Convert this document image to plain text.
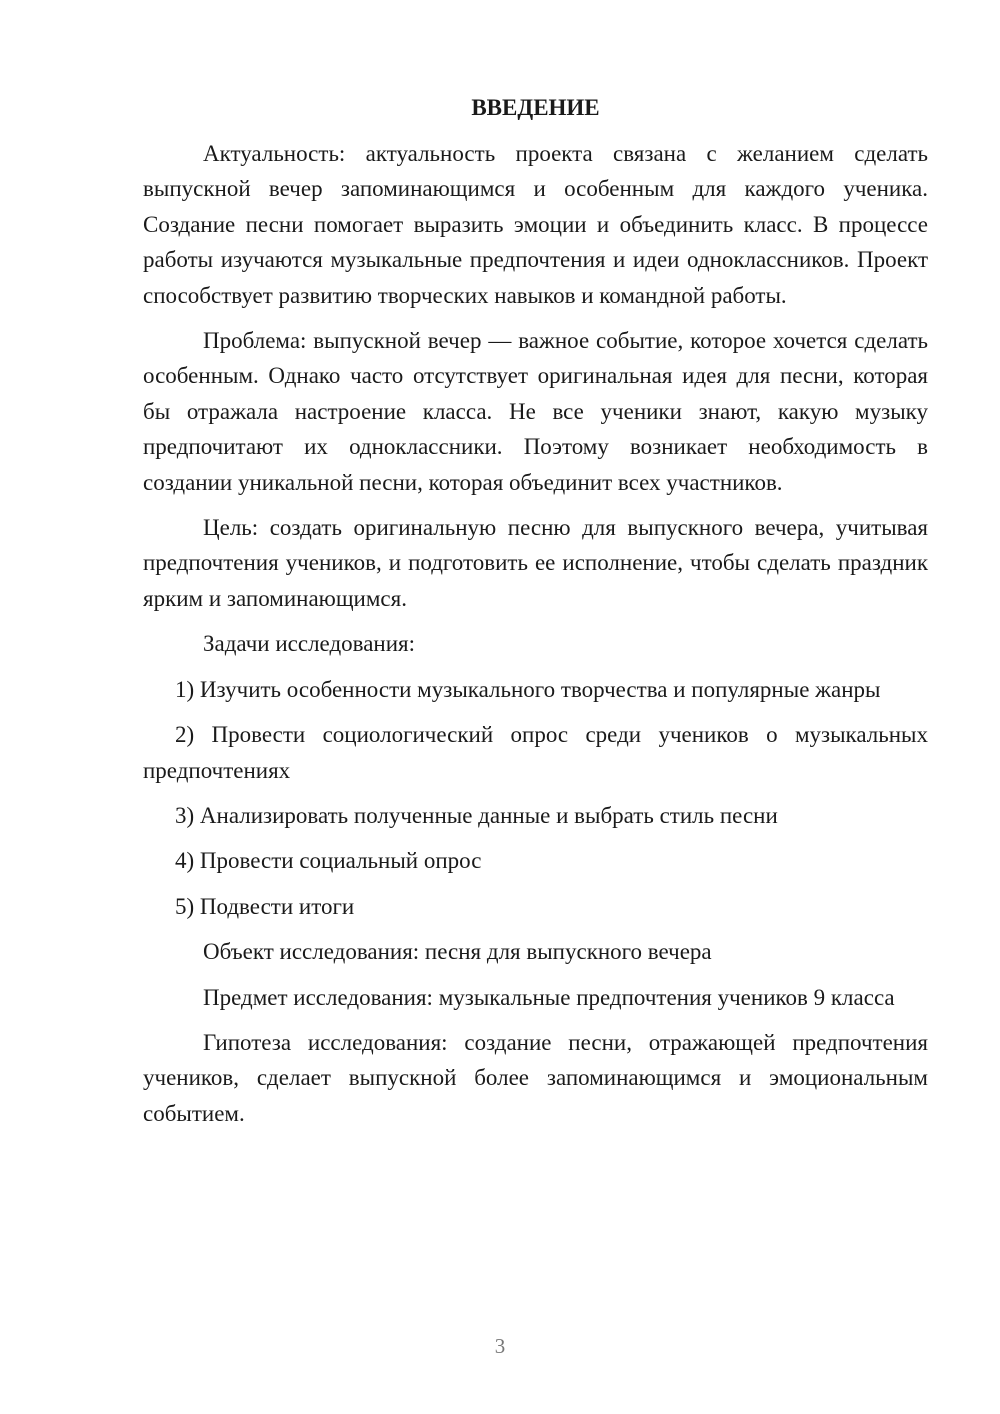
ВВЕДЕНИЕ

Актуальность: актуальность проекта связана с желанием сделать выпускной вечер запоминающимся и особенным для каждого ученика. Создание песни помогает выразить эмоции и объединить класс. В процессе работы изучаются музыкальные предпочтения и идеи одноклассников. Проект способствует развитию творческих навыков и командной работы.

Проблема: выпускной вечер — важное событие, которое хочется сделать особенным. Однако часто отсутствует оригинальная идея для песни, которая бы отражала настроение класса. Не все ученики знают, какую музыку предпочитают их одноклассники. Поэтому возникает необходимость в создании уникальной песни, которая объединит всех участников.

Цель: создать оригинальную песню для выпускного вечера, учитывая предпочтения учеников, и подготовить ее исполнение, чтобы сделать праздник ярким и запоминающимся.

Задачи исследования:

1) Изучить особенности музыкального творчества и популярные жанры

2) Провести социологический опрос среди учеников о музыкальных предпочтениях

3) Анализировать полученные данные и выбрать стиль песни

4) Провести социальный опрос

5) Подвести итоги

Объект исследования: песня для выпускного вечера

Предмет исследования: музыкальные предпочтения учеников 9 класса

Гипотеза исследования: создание песни, отражающей предпочтения учеников, сделает выпускной более запоминающимся и эмоциональным событием.

3
